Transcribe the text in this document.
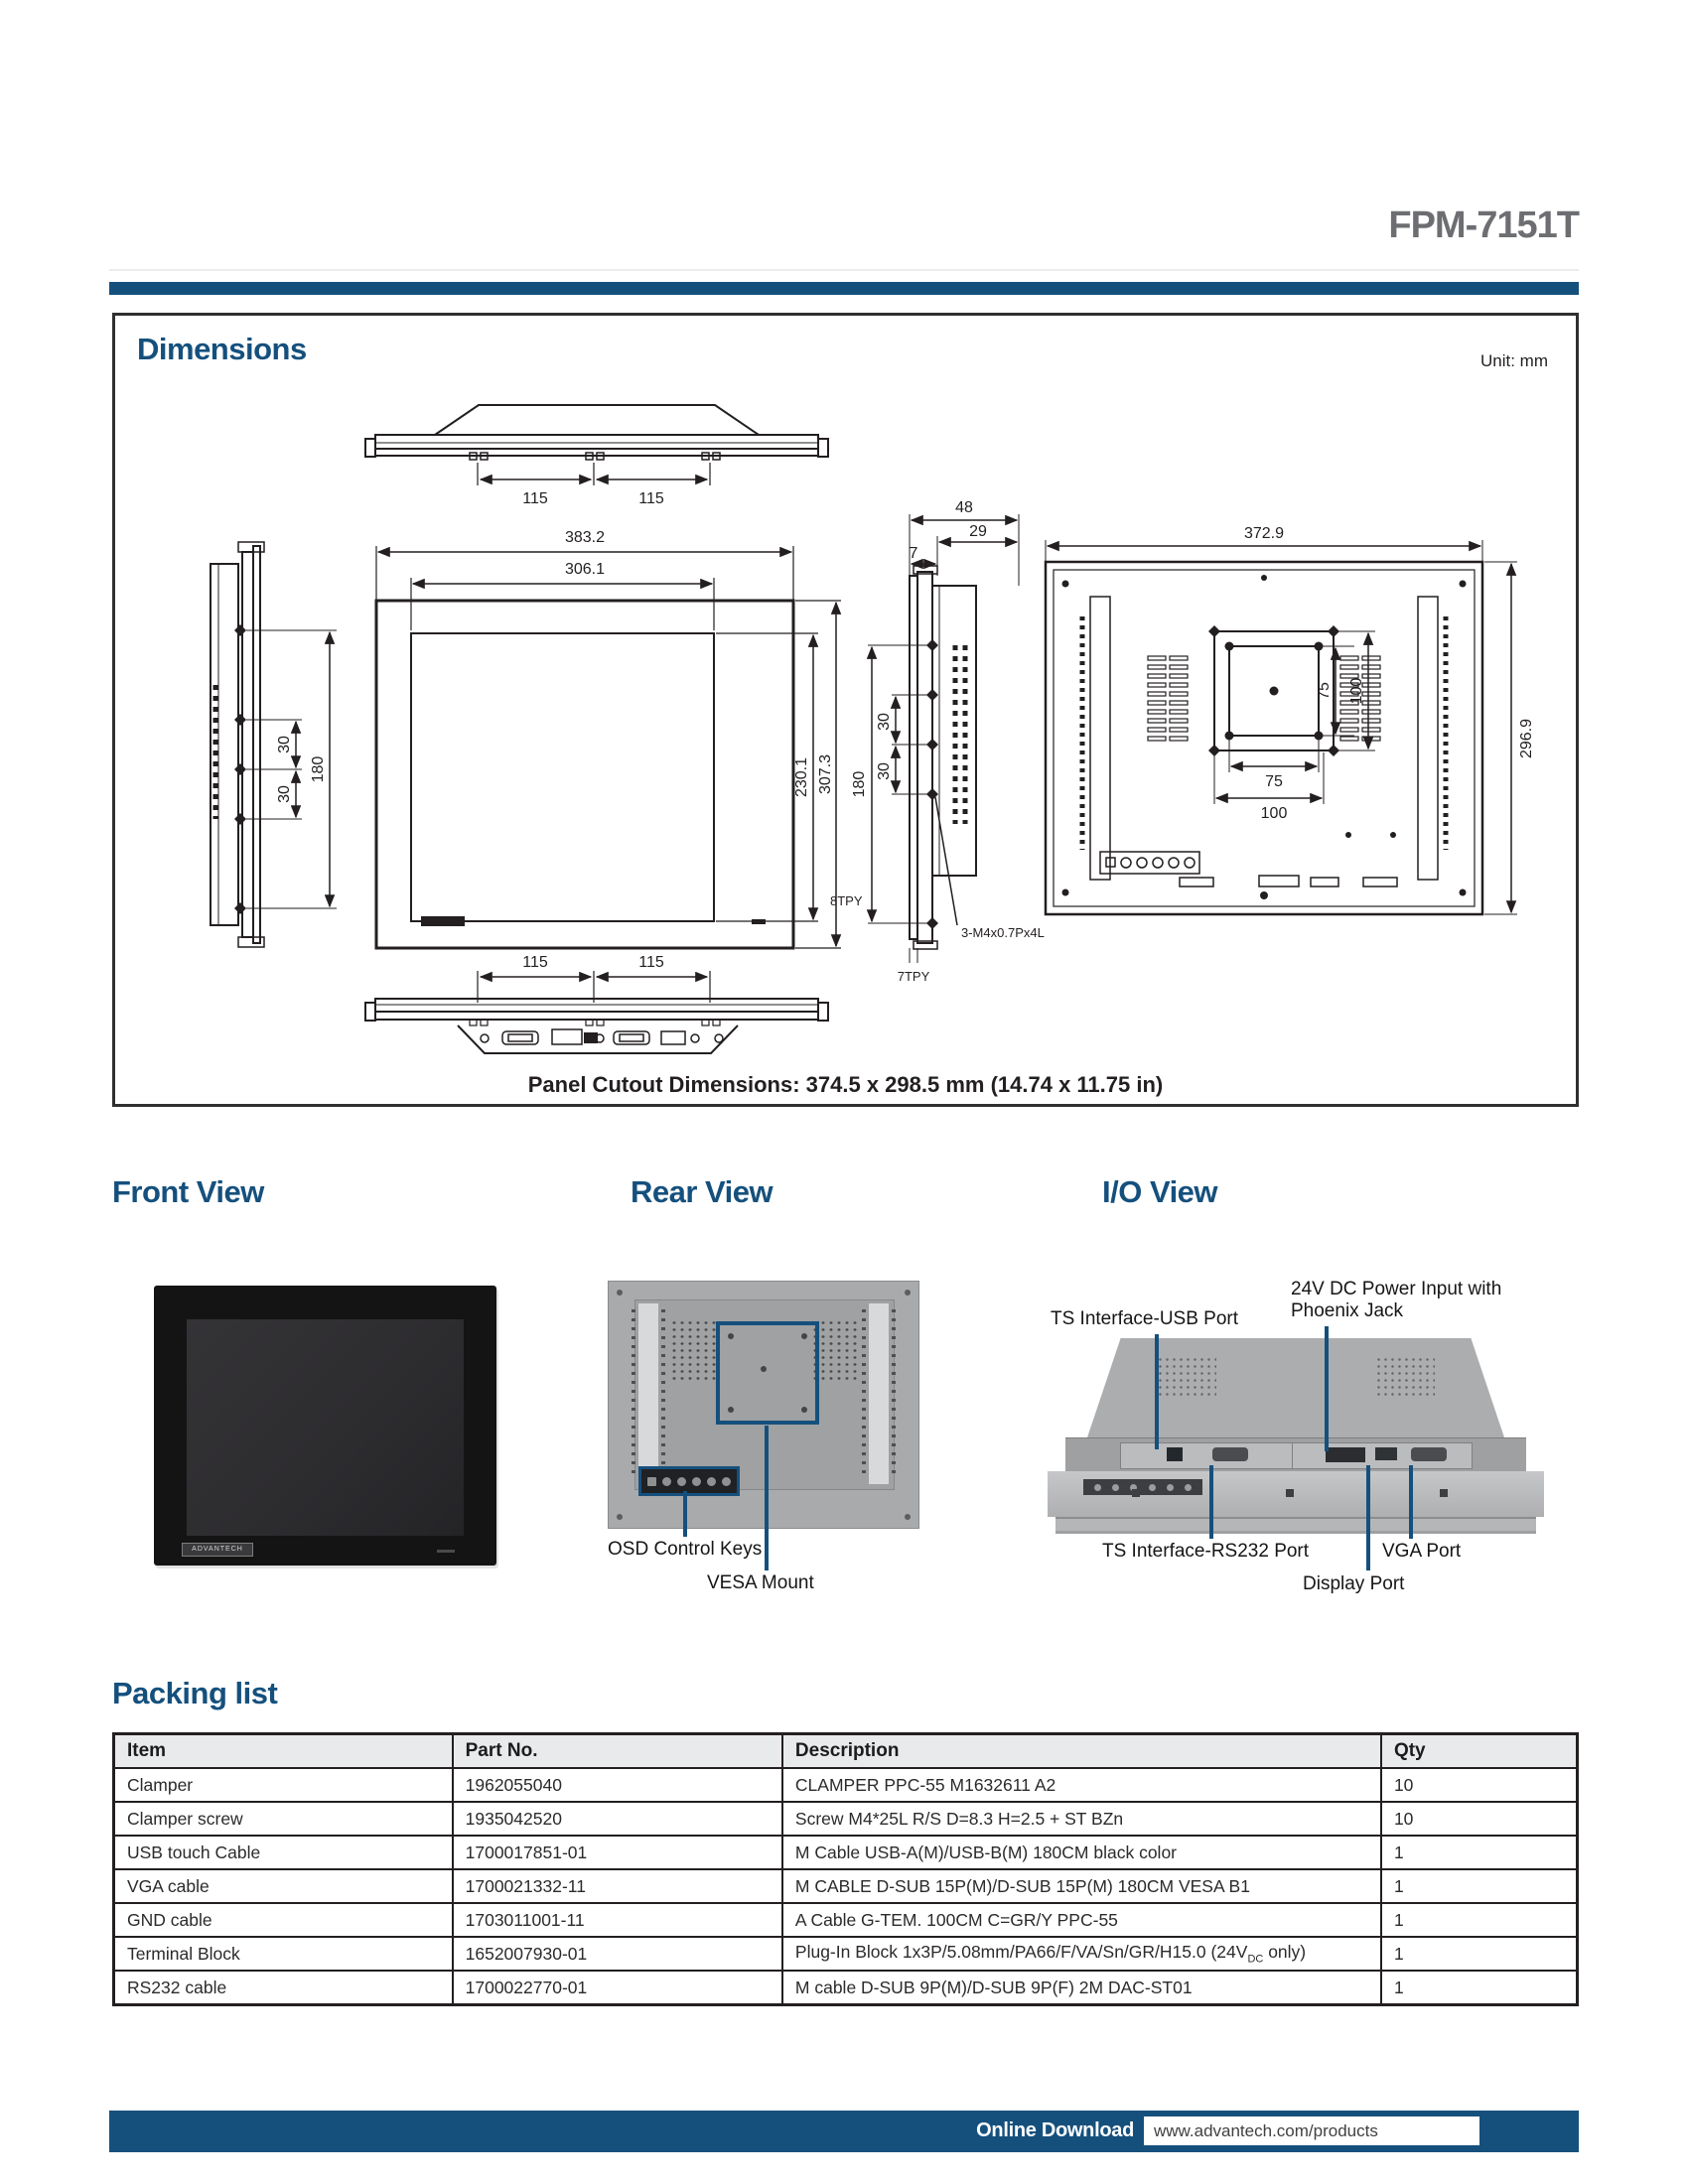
FPM-7151T
Dimensions	Unit: mm
115	115
30
30
180
383.2
306.1
230.1 307.3
48
29
7
30
30
180
8TPY
7TPY
3-M4x0.7Px4L
372.9
75 100
75
100
296.9
115	115
Panel Cutout Dimensions: 374.5 x 298.5 mm (14.74 x 11.75 in)
Front View	Rear View	I/O View
ADVANTECH	OSD Control Keys
VESA Mount
TS Interface-USB Port
24V DC Power Input with
Phoenix Jack
TS Interface-RS232 Port	VGA Port
Display Port
Packing list
Item	Part No.	Description	Qty
Clamper	1962055040	CLAMPER PPC-55 M1632611 A2	10
Clamper screw	1935042520	Screw M4*25L R/S D=8.3 H=2.5 + ST BZn	10
USB touch Cable	1700017851-01	M Cable USB-A(M)/USB-B(M) 180CM black color	1
VGA cable	1700021332-11	M CABLE D-SUB 15P(M)/D-SUB 15P(M) 180CM VESA B1	1
GND cable	1703011001-11	A Cable G-TEM. 100CM C=GR/Y PPC-55	1
Terminal Block	1652007930-01	Plug-In Block 1x3P/5.08mm/PA66/F/VA/Sn/GR/H15.0 ($24V_{DC}$ only)	1
RS232 cable	1700022770-01	M cable D-SUB 9P(M)/D-SUB 9P(F) 2M DAC-ST01	1
Online Download	www.advantech.com/products
